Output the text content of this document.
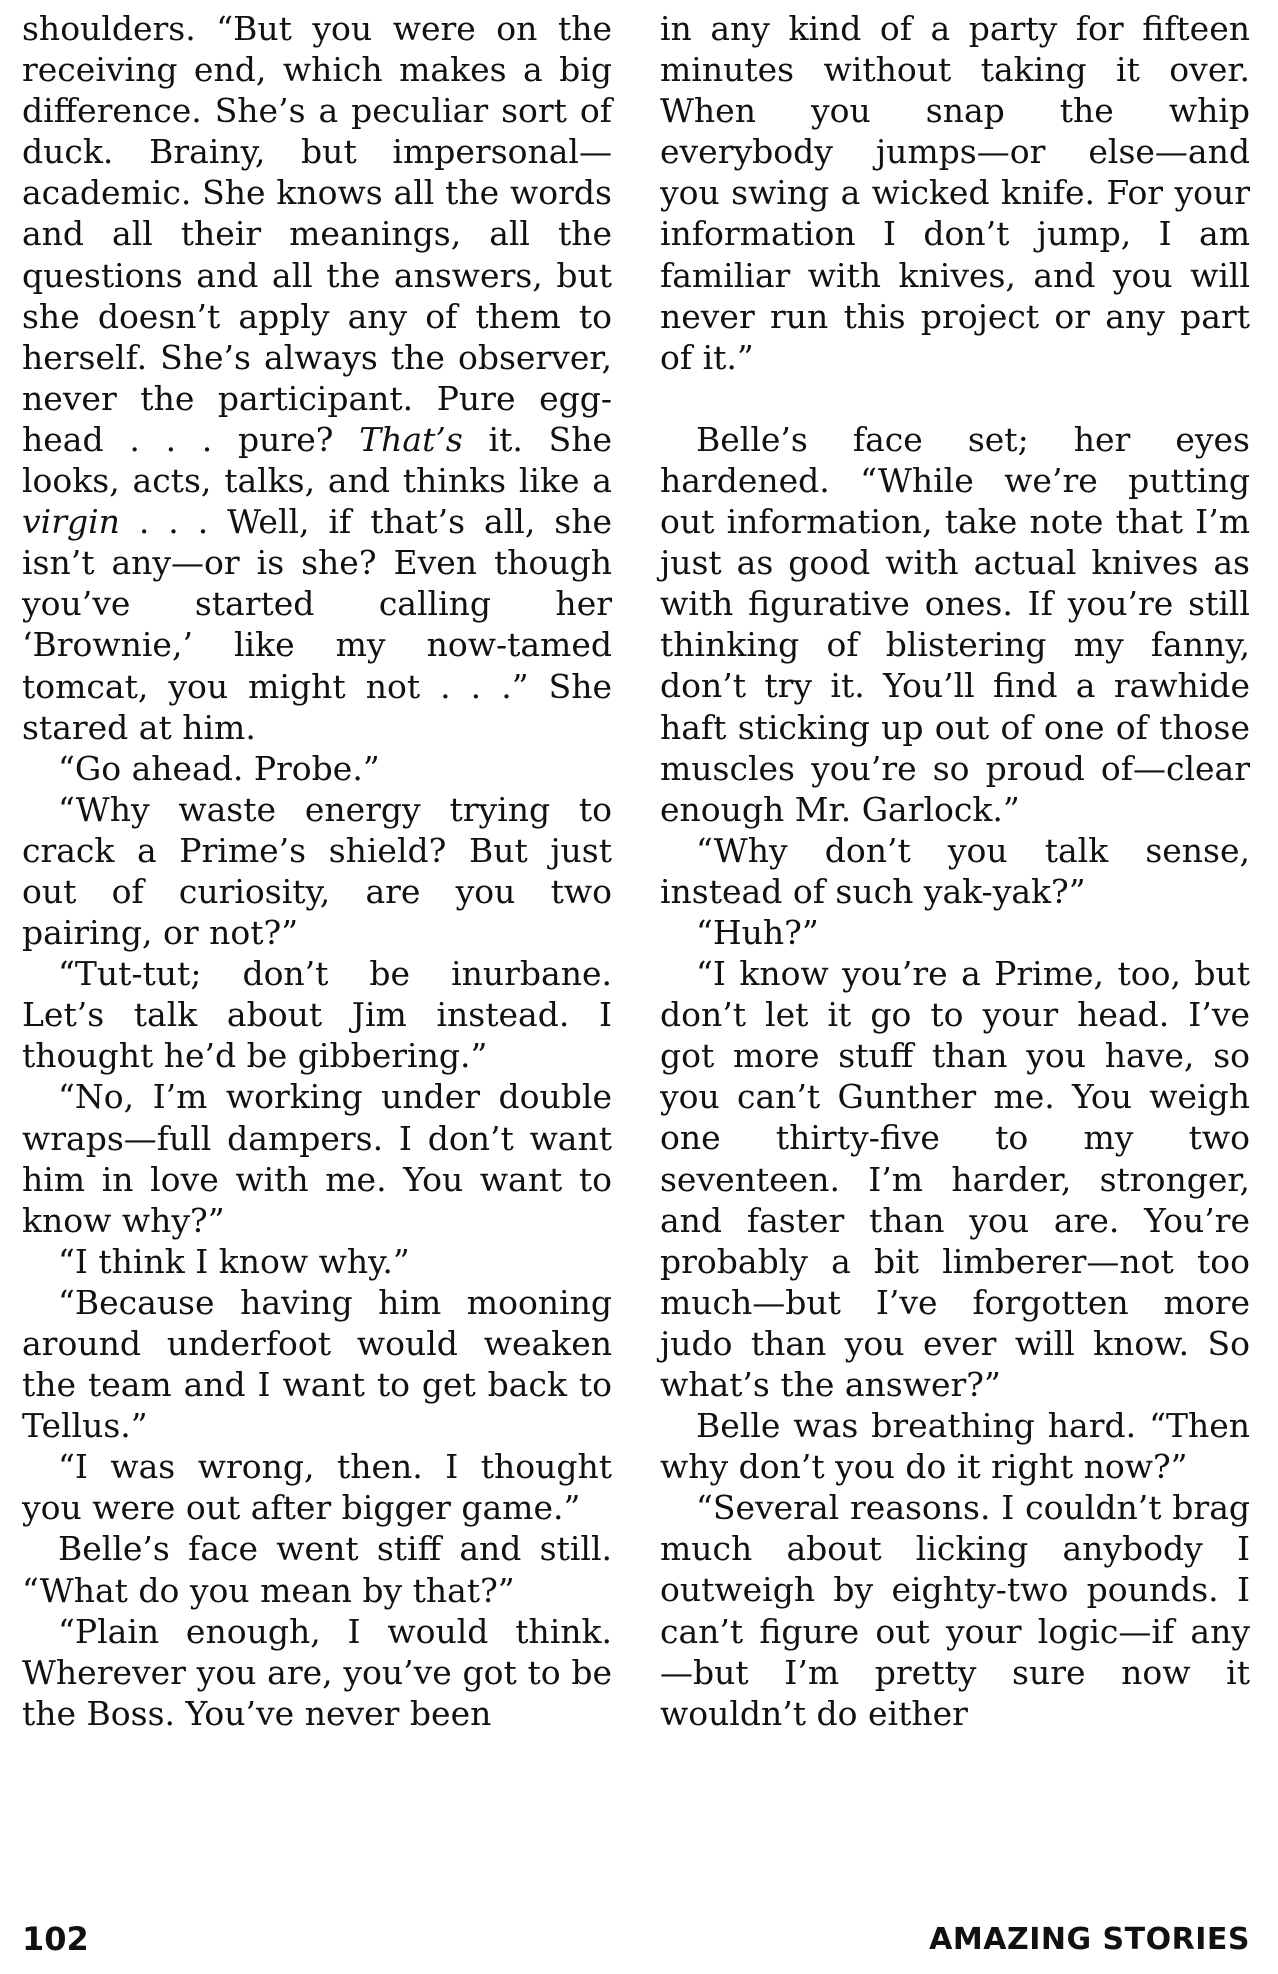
shoulders. “But you were on the receiving end, which makes a big difference. She’s a peculiar sort of duck. Brainy, but impersonal—academic. She knows all the words and all their meanings, all the questions and all the answers, but she doesn’t apply any of them to herself. She’s always the observer, never the participant. Pure egg-head . . . pure? That’s it. She looks, acts, talks, and thinks like a virgin . . . Well, if that’s all, she isn’t any—or is she? Even though you’ve started calling her ‘Brownie,’ like my now-tamed tomcat, you might not . . .” She stared at him.

“Go ahead. Probe.”

“Why waste energy trying to crack a Prime’s shield? But just out of curiosity, are you two pairing, or not?”

“Tut-tut; don’t be inurbane. Let’s talk about Jim instead. I thought he’d be gibbering.”

“No, I’m working under double wraps—full dampers. I don’t want him in love with me. You want to know why?”

“I think I know why.”

“Because having him mooning around underfoot would weaken the team and I want to get back to Tellus.”

“I was wrong, then. I thought you were out after bigger game.”

Belle’s face went stiff and still. “What do you mean by that?”

“Plain enough, I would think. Wherever you are, you’ve got to be the Boss. You’ve never been

in any kind of a party for fifteen minutes without taking it over. When you snap the whip everybody jumps—or else—and you swing a wicked knife. For your information I don’t jump, I am familiar with knives, and you will never run this project or any part of it.”

Belle’s face set; her eyes hardened. “While we’re putting out information, take note that I’m just as good with actual knives as with figurative ones. If you’re still thinking of blistering my fanny, don’t try it. You’ll find a rawhide haft sticking up out of one of those muscles you’re so proud of—clear enough Mr. Garlock.”

“Why don’t you talk sense, instead of such yak-yak?”

“Huh?”

“I know you’re a Prime, too, but don’t let it go to your head. I’ve got more stuff than you have, so you can’t Gunther me. You weigh one thirty-five to my two seventeen. I’m harder, stronger, and faster than you are. You’re probably a bit limberer—not too much—but I’ve forgotten more judo than you ever will know. So what’s the answer?”

Belle was breathing hard. “Then why don’t you do it right now?”

“Several reasons. I couldn’t brag much about licking anybody I outweigh by eighty-two pounds. I can’t figure out your logic—if any—but I’m pretty sure now it wouldn’t do either

102	AMAZING STORIES
